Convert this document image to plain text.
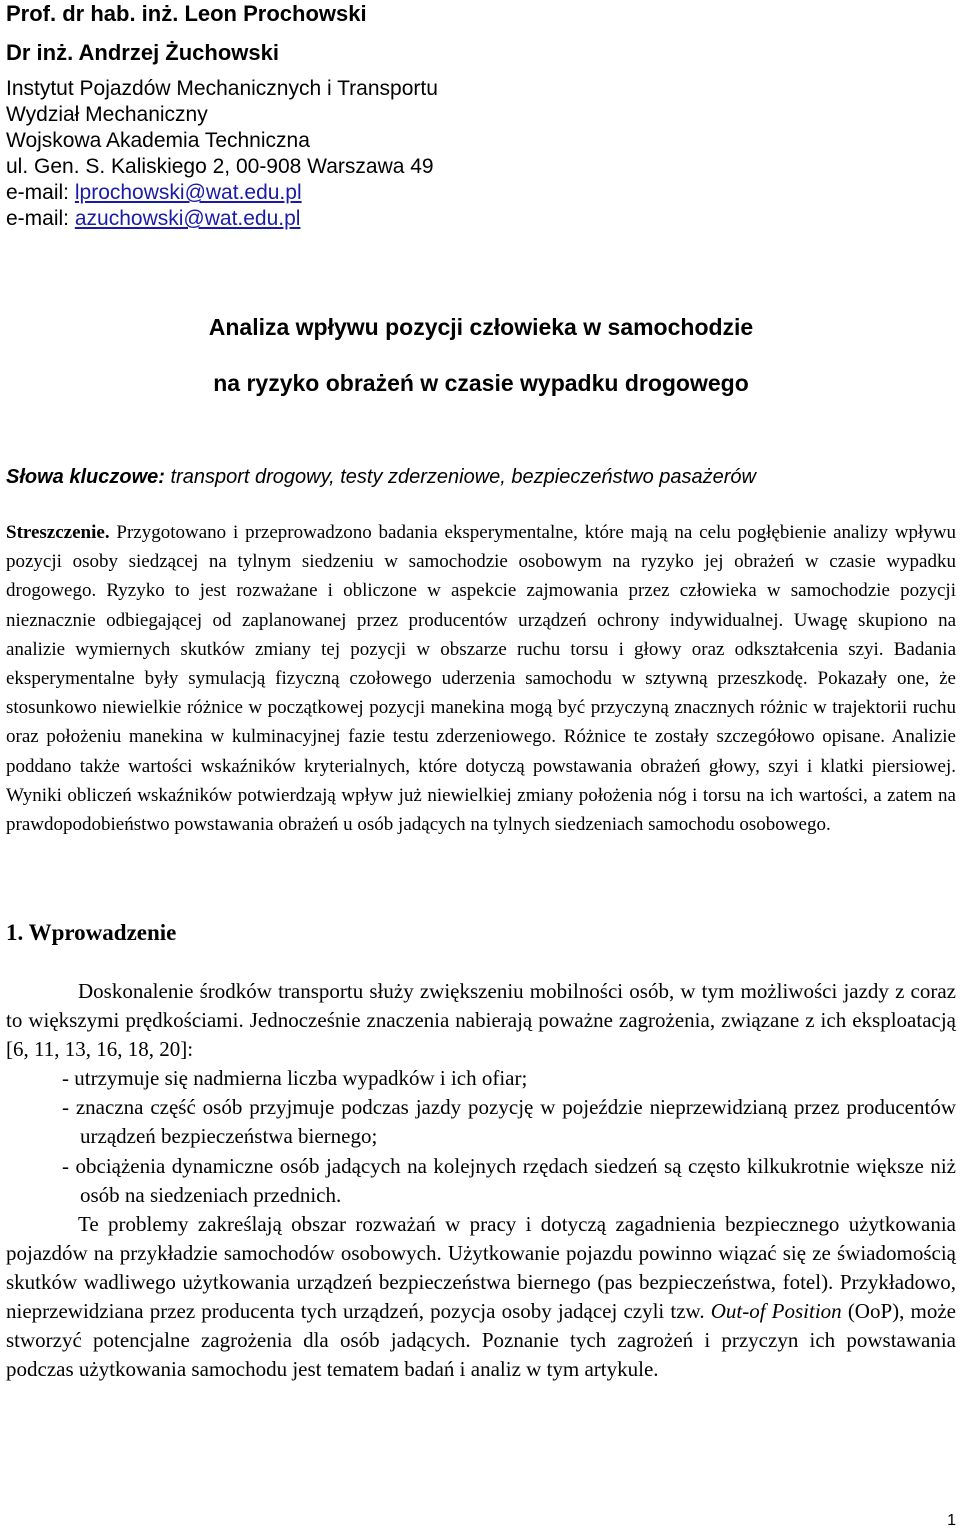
Prof. dr hab. inż. Leon Prochowski

Dr inż. Andrzej Żuchowski

Instytut Pojazdów Mechanicznych i Transportu
Wydział Mechaniczny
Wojskowa Akademia Techniczna
ul. Gen. S. Kaliskiego 2, 00-908 Warszawa 49
e-mail: lprochowski@wat.edu.pl
e-mail: azuchowski@wat.edu.pl
Analiza wpływu pozycji człowieka w samochodzie
na ryzyko obrażeń w czasie wypadku drogowego
Słowa kluczowe: transport drogowy, testy zderzeniowe, bezpieczeństwo pasażerów

Streszczenie. Przygotowano i przeprowadzono badania eksperymentalne, które mają na celu pogłębienie analizy wpływu pozycji osoby siedzącej na tylnym siedzeniu w samochodzie osobowym na ryzyko jej obrażeń w czasie wypadku drogowego. Ryzyko to jest rozważane i obliczone w aspekcie zajmowania przez człowieka w samochodzie pozycji nieznacznie odbiegającej od zaplanowanej przez producentów urządzeń ochrony indywidualnej. Uwagę skupiono na analizie wymiernych skutków zmiany tej pozycji w obszarze ruchu torsu i głowy oraz odkształcenia szyi. Badania eksperymentalne były symulacją fizyczną czołowego uderzenia samochodu w sztywną przeszkodę. Pokazały one, że stosunkowo niewielkie różnice w początkowej pozycji manekina mogą być przyczyną znacznych różnic w trajektorii ruchu oraz położeniu manekina w kulminacyjnej fazie testu zderzeniowego. Różnice te zostały szczegółowo opisane. Analizie poddano także wartości wskaźników kryterialnych, które dotyczą powstawania obrażeń głowy, szyi i klatki piersiowej. Wyniki obliczeń wskaźników potwierdzają wpływ już niewielkiej zmiany położenia nóg i torsu na ich wartości, a zatem na prawdopodobieństwo powstawania obrażeń u osób jadących na tylnych siedzeniach samochodu osobowego.

1. Wprowadzenie

Doskonalenie środków transportu służy zwiększeniu mobilności osób, w tym możliwości jazdy z coraz to większymi prędkościami. Jednocześnie znaczenia nabierają poważne zagrożenia, związane z ich eksploatacją [6, 11, 13, 16, 18, 20]:

- utrzymuje się nadmierna liczba wypadków i ich ofiar;
- znaczna część osób przyjmuje podczas jazdy pozycję w pojeździe nieprzewidzianą przez producentów urządzeń bezpieczeństwa biernego;
- obciążenia dynamiczne osób jadących na kolejnych rzędach siedzeń są często kilkukrotnie większe niż osób na siedzeniach przednich.

Te problemy zakreślają obszar rozważań w pracy i dotyczą zagadnienia bezpiecznego użytkowania pojazdów na przykładzie samochodów osobowych. Użytkowanie pojazdu powinno wiązać się ze świadomością skutków wadliwego użytkowania urządzeń bezpieczeństwa biernego (pas bezpieczeństwa, fotel). Przykładowo, nieprzewidziana przez producenta tych urządzeń, pozycja osoby jadącej czyli tzw. Out-of Position (OoP), może stworzyć potencjalne zagrożenia dla osób jadących. Poznanie tych zagrożeń i przyczyn ich powstawania podczas użytkowania samochodu jest tematem badań i analiz w tym artykule.

1
